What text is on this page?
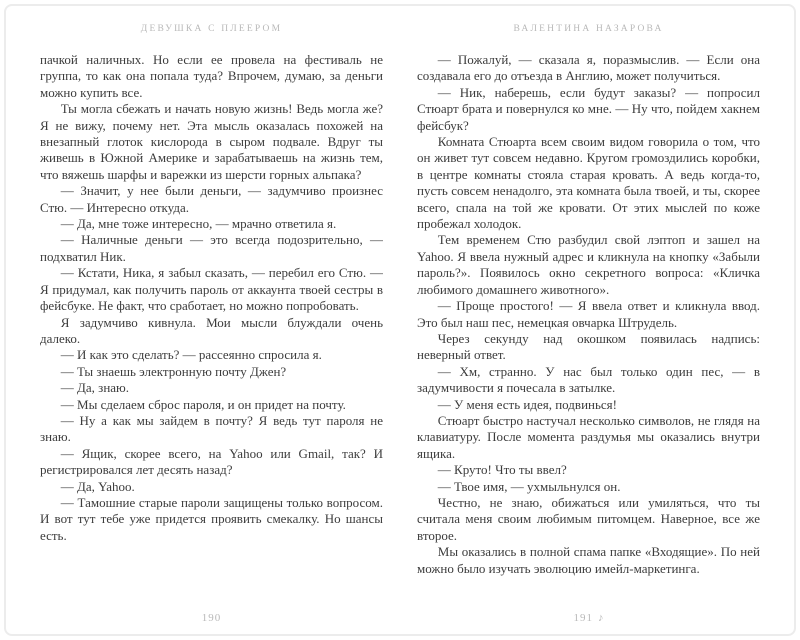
ДЕВУШКА С ПЛЕЕРОМ

пачкой наличных. Но если ее провела на фестиваль не группа, то как она попала туда? Впрочем, думаю, за деньги можно купить все.

Ты могла сбежать и начать новую жизнь! Ведь могла же? Я не вижу, почему нет. Эта мысль оказалась похожей на внезапный глоток кислорода в сыром подвале. Вдруг ты живешь в Южной Америке и зарабатываешь на жизнь тем, что вяжешь шарфы и варежки из шерсти горных альпака?

— Значит, у нее были деньги, — задумчиво произнес Стю. — Интересно откуда.

— Да, мне тоже интересно, — мрачно ответила я.

— Наличные деньги — это всегда подозрительно, — подхватил Ник.

— Кстати, Ника, я забыл сказать, — перебил его Стю. — Я придумал, как получить пароль от аккаунта твоей сестры в фейсбуке. Не факт, что сработает, но можно попробовать.

Я задумчиво кивнула. Мои мысли блуждали очень далеко.

— И как это сделать? — рассеянно спросила я.

— Ты знаешь электронную почту Джен?

— Да, знаю.

— Мы сделаем сброс пароля, и он придет на почту.

— Ну а как мы зайдем в почту? Я ведь тут пароля не знаю.

— Ящик, скорее всего, на Yahoo или Gmail, так? И регистрировался лет десять назад?

— Да, Yahoo.

— Тамошние старые пароли защищены только вопросом. И вот тут тебе уже придется проявить смекалку. Но шансы есть.

190
ВАЛЕНТИНА НАЗАРОВА

— Пожалуй, — сказала я, поразмыслив. — Если она создавала его до отъезда в Англию, может получиться.

— Ник, наберешь, если будут заказы? — попросил Стюарт брата и повернулся ко мне. — Ну что, пойдем хакнем фейсбук?

Комната Стюарта всем своим видом говорила о том, что он живет тут совсем недавно. Кругом громоздились коробки, в центре комнаты стояла старая кровать. А ведь когда-то, пусть совсем ненадолго, эта комната была твоей, и ты, скорее всего, спала на той же кровати. От этих мыслей по коже пробежал холодок.

Тем временем Стю разбудил свой лэптоп и зашел на Yahoo. Я ввела нужный адрес и кликнула на кнопку «Забыли пароль?». Появилось окно секретного вопроса: «Кличка любимого домашнего животного».

— Проще простого! — Я ввела ответ и кликнула ввод. Это был наш пес, немецкая овчарка Штрудель.

Через секунду над окошком появилась надпись: неверный ответ.

— Хм, странно. У нас был только один пес, — в задумчивости я почесала в затылке.

— У меня есть идея, подвинься!

Стюарт быстро настучал несколько символов, не глядя на клавиатуру. После момента раздумья мы оказались внутри ящика.

— Круто! Что ты ввел?

— Твое имя, — ухмыльнулся он.

Честно, не знаю, обижаться или умиляться, что ты считала меня своим любимым питомцем. Наверное, все же второе.

Мы оказались в полной спама папке «Входящие». По ней можно было изучать эволюцию имейл-маркетинга.

191 ♪
